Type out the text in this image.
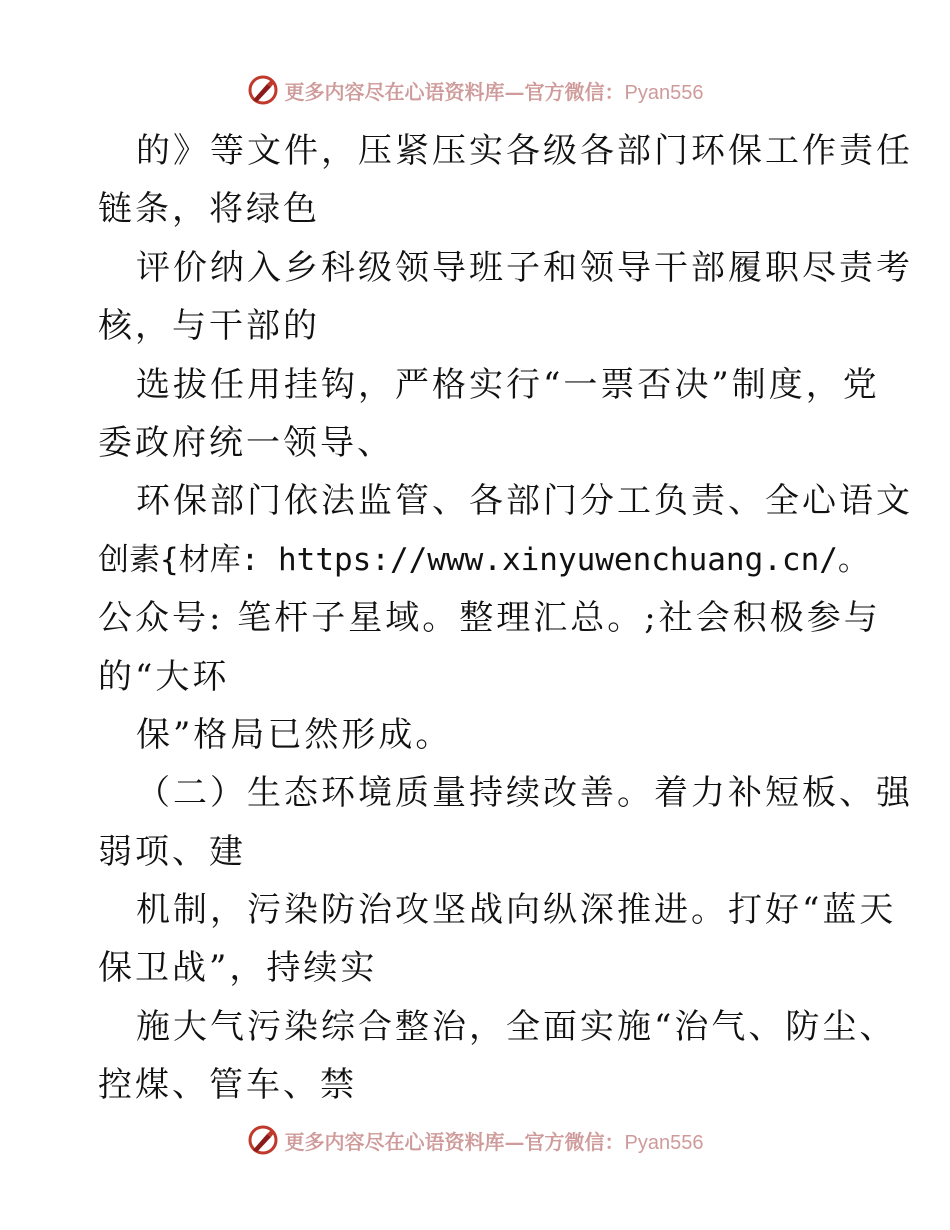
更多内容尽在心语资料库—官方微信：Pyan556
的》等文件，压紧压实各级各部门环保工作责任
链条，将绿色
评价纳入乡科级领导班子和领导干部履职尽责考
核，与干部的
选拔任用挂钩，严格实行“一票否决”制度，党
委政府统一领导、
环保部门依法监管、各部门分工负责、全心语文
创素{材库: https://www.xinyuwenchuang.cn/。
公众号: 笔杆子星域。整理汇总。;社会积极参与
的“大环
保”格局已然形成。
（二）生态环境质量持续改善。着力补短板、强
弱项、建
机制，污染防治攻坚战向纵深推进。打好“蓝天
保卫战”，持续实
施大气污染综合整治，全面实施“治气、防尘、
控煤、管车、禁
更多内容尽在心语资料库—官方微信：Pyan556
